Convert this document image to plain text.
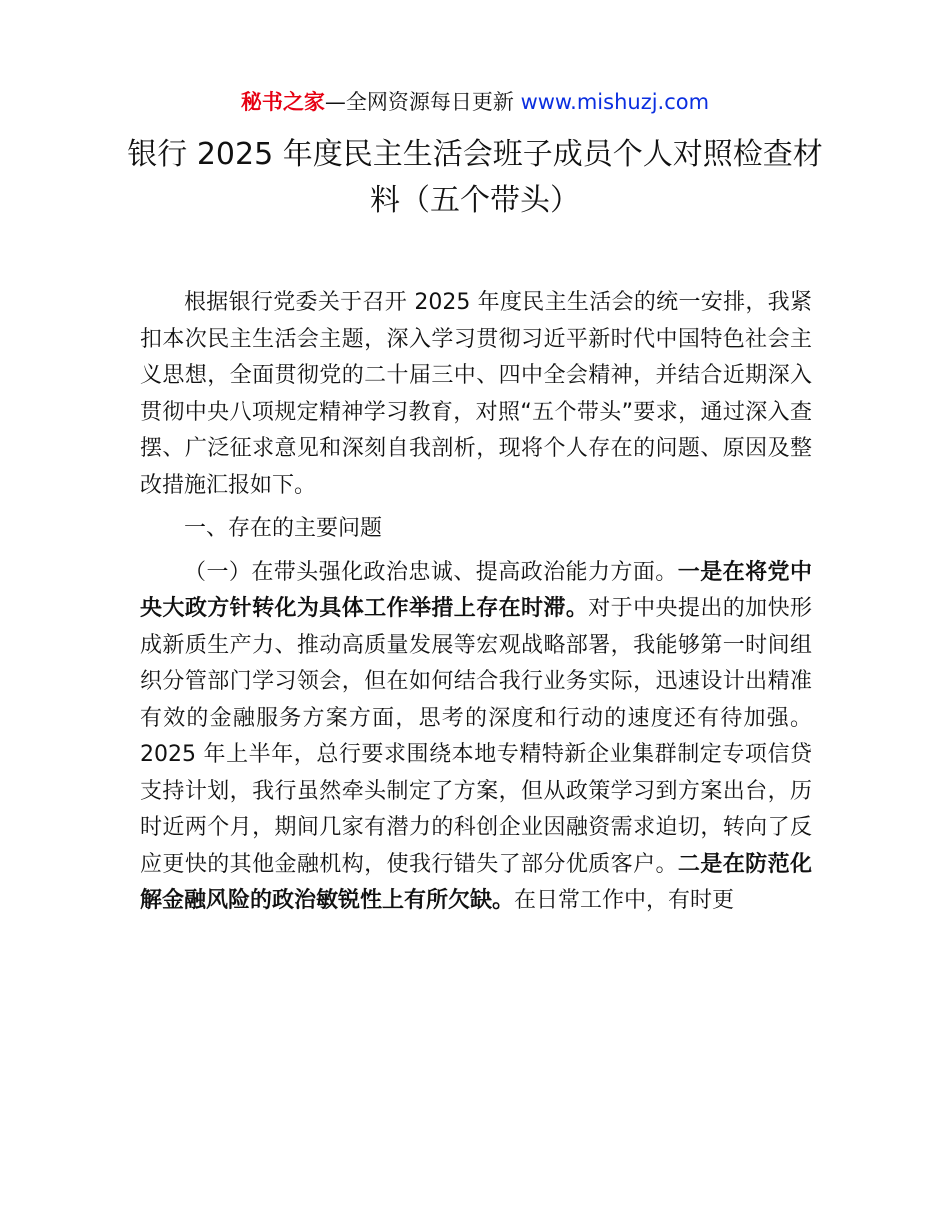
秘书之家—全网资源每日更新 www.mishuzj.com
银行 2025 年度民主生活会班子成员个人对照检查材料（五个带头）

根据银行党委关于召开 2025 年度民主生活会的统一安排，我紧扣本次民主生活会主题，深入学习贯彻习近平新时代中国特色社会主义思想，全面贯彻党的二十届三中、四中全会精神，并结合近期深入贯彻中央八项规定精神学习教育，对照“五个带头”要求，通过深入查摆、广泛征求意见和深刻自我剖析，现将个人存在的问题、原因及整改措施汇报如下。

一、存在的主要问题

（一）在带头强化政治忠诚、提高政治能力方面。一是在将党中央大政方针转化为具体工作举措上存在时滞。对于中央提出的加快形成新质生产力、推动高质量发展等宏观战略部署，我能够第一时间组织分管部门学习领会，但在如何结合我行业务实际，迅速设计出精准有效的金融服务方案方面，思考的深度和行动的速度还有待加强。2025 年上半年，总行要求围绕本地专精特新企业集群制定专项信贷支持计划，我行虽然牵头制定了方案，但从政策学习到方案出台，历时近两个月，期间几家有潜力的科创企业因融资需求迫切，转向了反应更快的其他金融机构，使我行错失了部分优质客户。二是在防范化解金融风险的政治敏锐性上有所欠缺。在日常工作中，有时更
